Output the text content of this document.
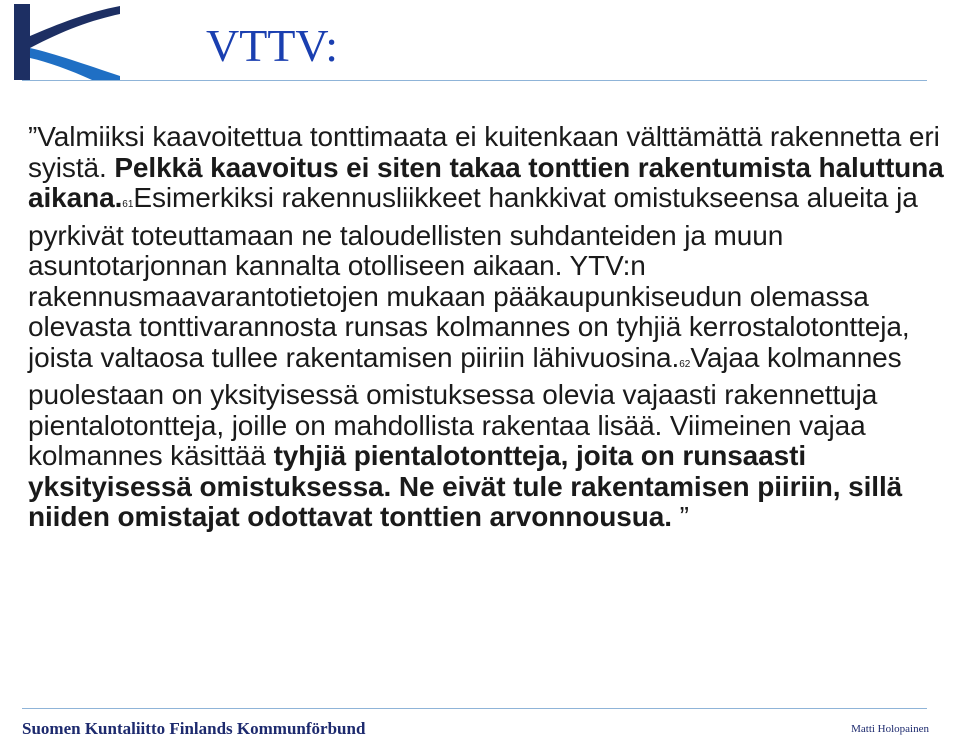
VTTV:

”Valmiiksi kaavoitettua tonttimaata ei kuitenkaan välttämättä rakennetta eri syistä. Pelkkä kaavoitus ei siten takaa tonttien rakentumista haluttuna aikana.61Esimerkiksi rakennusliikkeet hankkivat omistukseensa alueita ja pyrkivät toteuttamaan ne taloudellisten suhdanteiden ja muun asuntotarjonnan kannalta otolliseen aikaan. YTV:n rakennusmaavarantotietojen mukaan pääkaupunkiseudun olemassa olevasta tonttivarannosta runsas kolmannes on tyhjiä kerrostalotontteja, joista valtaosa tullee rakentamisen piiriin lähivuosina.62Vajaa kolmannes puolestaan on yksityisessä omistuksessa olevia vajaasti rakennettuja pientalotontteja, joille on mahdollista rakentaa lisää. Viimeinen vajaa kolmannes käsittää tyhjiä pientalotontteja, joita on runsaasti yksityisessä omistuksessa. Ne eivät tule rakentamisen piiriin, sillä niiden omistajat odottavat tonttien arvonnousua. ”

Suomen Kuntaliitto Finlands Kommunförbund	Matti Holopainen
